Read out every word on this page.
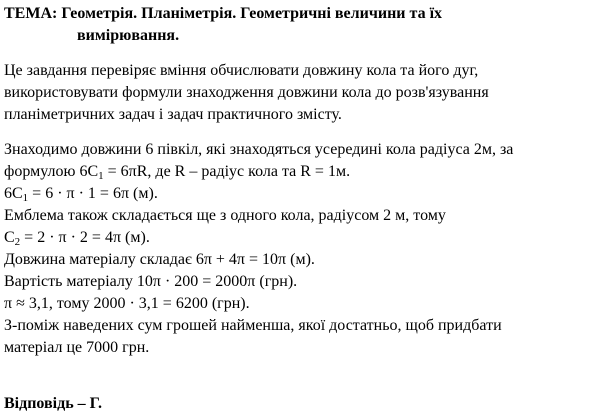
ТЕМА: Геометрія. Планіметрія. Геометричні величини та їх
вимірювання.
Це завдання перевіряє вміння обчислювати довжину кола та його дуг,
використовувати формули знаходження довжини кола до розв'язування
планіметричних задач і задач практичного змісту.
Знаходимо довжини 6 півкіл, які знаходяться усередині кола радіуса 2м, за
формулою $6C_1 = 6\pi R$, де R – радіус кола та R = 1м.
$6C_1 = 6 \cdot \pi \cdot 1 = 6\pi$ (м).
Емблема також складається ще з одного кола, радіусом 2 м, тому
$C_2 = 2 \cdot \pi \cdot 2 = 4\pi$ (м).
Довжина матеріалу складає 6π + 4π = 10π (м).
Вартість матеріалу 10π · 200 = 2000π (грн).
π ≈ 3,1, тому 2000 · 3,1 = 6200 (грн).
З-поміж наведених сум грошей найменша, якої достатньо, щоб придбати
матеріал це 7000 грн.
Відповідь – Г.
